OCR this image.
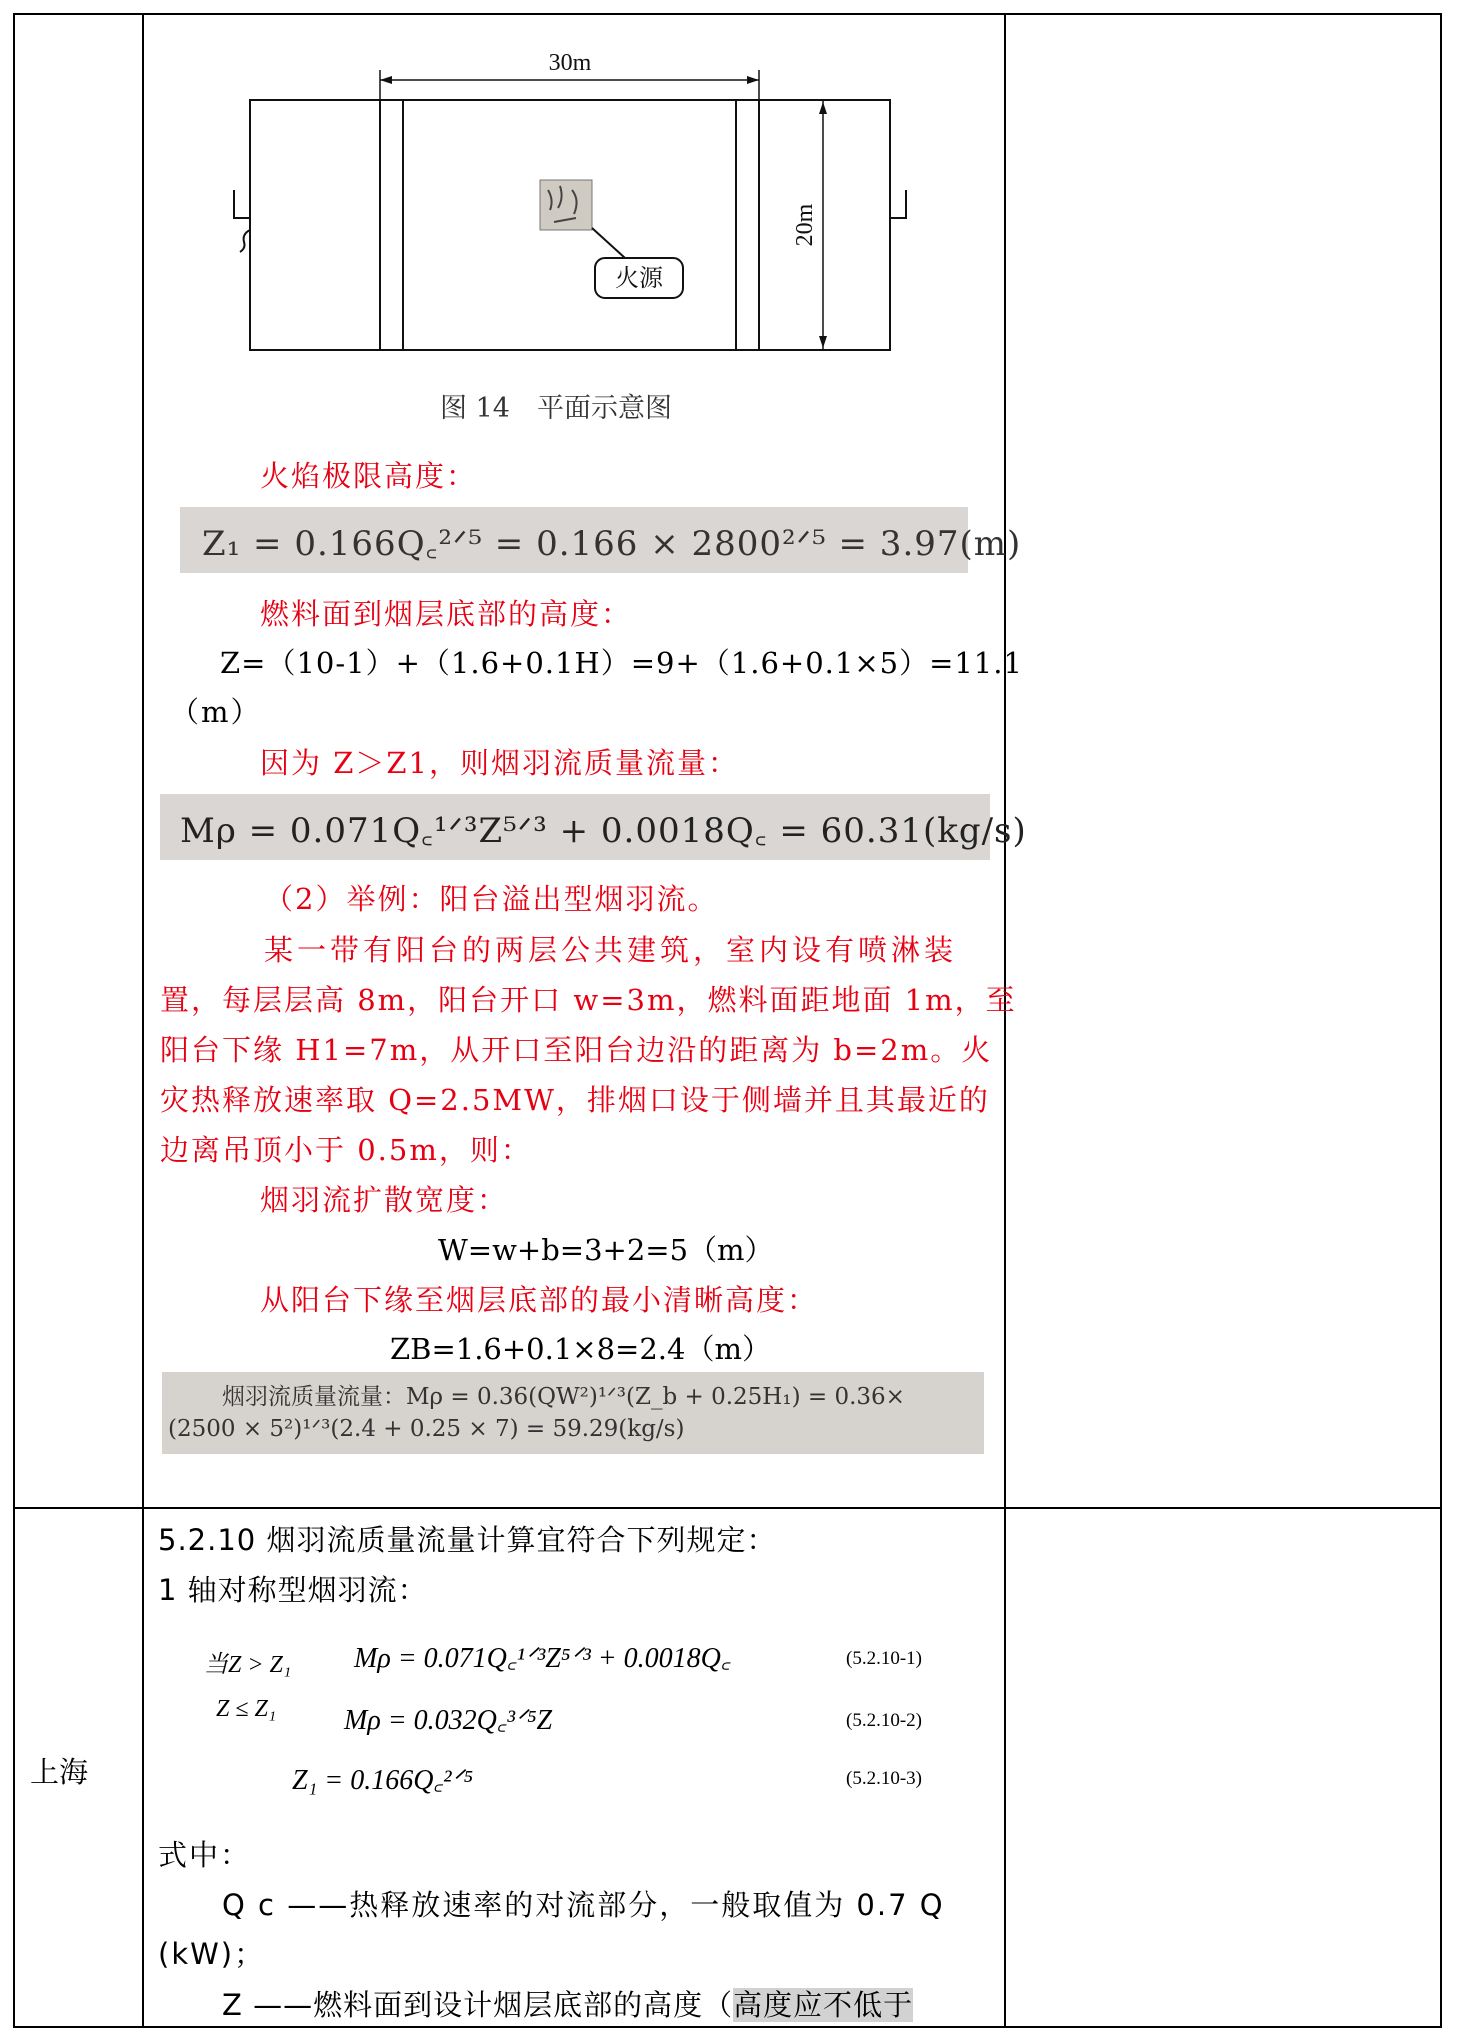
火源
30m
20m
图 14　平面示意图
火焰极限高度：
Z₁ = 0.166Q꜀²ᐟ⁵ = 0.166 × 2800²ᐟ⁵ = 3.97(m)
燃料面到烟层底部的高度：
Z=（10-1）+（1.6+0.1H）=9+（1.6+0.1×5）=11.1
（m）
因为 Z＞Z1，则烟羽流质量流量：
Mρ = 0.071Q꜀¹ᐟ³Z⁵ᐟ³ + 0.0018Q꜀ = 60.31(kg/s)
（2）举例：阳台溢出型烟羽流。
某一带有阳台的两层公共建筑，室内设有喷淋装
置，每层层高 8m，阳台开口 w=3m，燃料面距地面 1m，至
阳台下缘 H1=7m，从开口至阳台边沿的距离为 b=2m。火
灾热释放速率取 Q=2.5MW，排烟口设于侧墙并且其最近的
边离吊顶小于 0.5m，则：
烟羽流扩散宽度：
W=w+b=3+2=5（m）
从阳台下缘至烟层底部的最小清晰高度：
ZB=1.6+0.1×8=2.4（m）
烟羽流质量流量：Mρ = 0.36(QW²)¹ᐟ³(Z_b + 0.25H₁) = 0.36×
(2500 × 5²)¹ᐟ³(2.4 + 0.25 × 7) = 59.29(kg/s)
上海
5.2.10 烟羽流质量流量计算宜符合下列规定：
1 轴对称型烟羽流：
当Z > Z₁ Mρ = 0.071Q꜀¹ᐟ³Z⁵ᐟ³ + 0.0018Q꜀	(5.2.10-1)
Z ≤ Z₁ Mρ = 0.032Q꜀³ᐟ⁵Z	(5.2.10-2)
Z₁ = 0.166Q꜀²ᐟ⁵	(5.2.10-3)
式中：
Q c ——热释放速率的对流部分，一般取值为 0.7 Q
(kW)；
Z ——燃料面到设计烟层底部的高度（高度应不低于
